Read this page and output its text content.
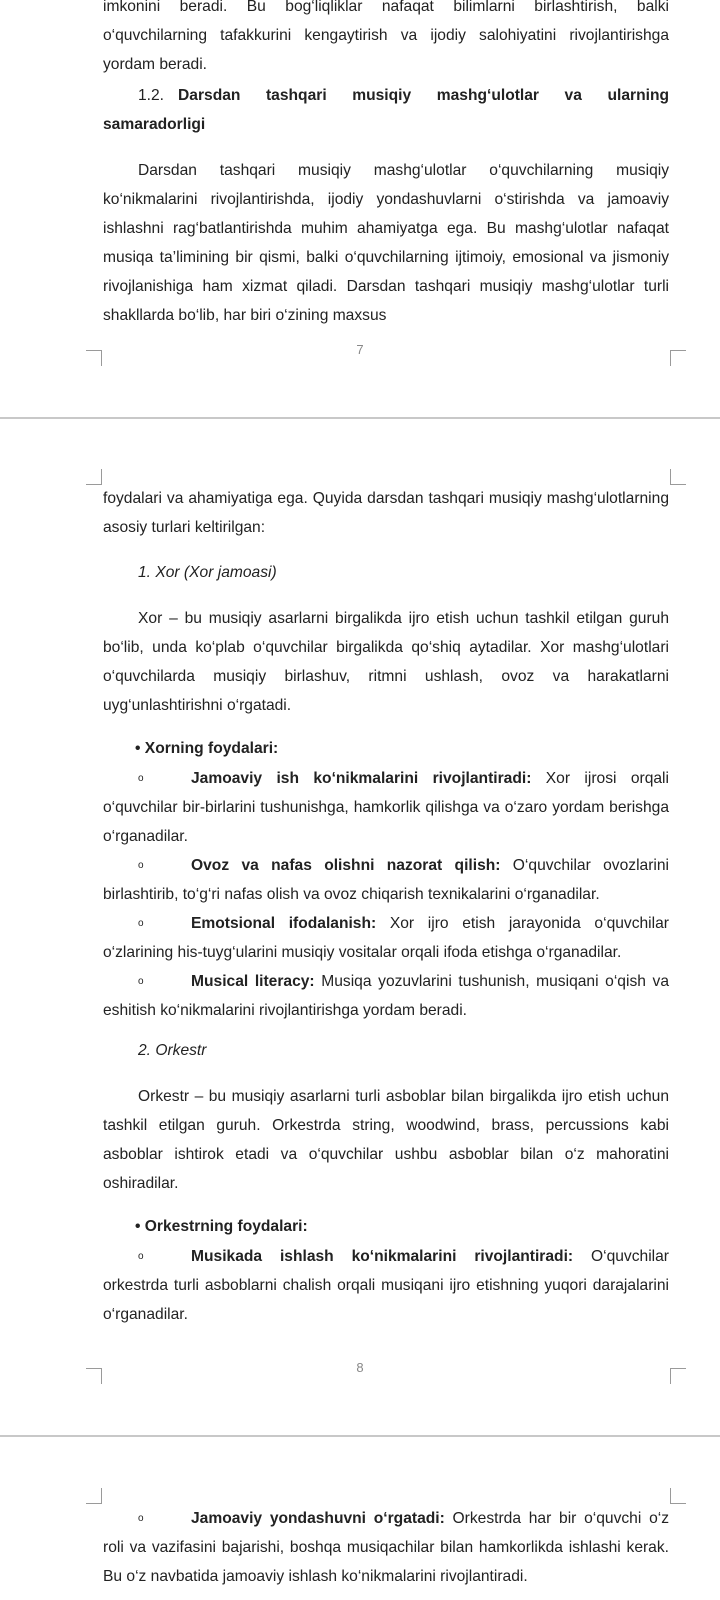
imkonini beradi. Bu bog‘liqliklar nafaqat bilimlarni birlashtirish, balki o‘quvchilarning tafakkurini kengaytirish va ijodiy salohiyatini rivojlantirishga yordam beradi.
1.2. Darsdan tashqari musiqiy mashg‘ulotlar va ularning samaradorligi
Darsdan tashqari musiqiy mashg‘ulotlar o‘quvchilarning musiqiy ko‘nikmalarini rivojlantirishda, ijodiy yondashuvlarni o‘stirishda va jamoaviy ishlashni rag‘batlantirishda muhim ahamiyatga ega. Bu mashg‘ulotlar nafaqat musiqa ta’limining bir qismi, balki o‘quvchilarning ijtimoiy, emosional va jismoniy rivojlanishiga ham xizmat qiladi. Darsdan tashqari musiqiy mashg‘ulotlar turli shakllarda bo‘lib, har biri o‘zining maxsus
7
foydalari va ahamiyatiga ega. Quyida darsdan tashqari musiqiy mashg‘ulotlarning asosiy turlari keltirilgan:
1. Xor (Xor jamoasi)
Xor – bu musiqiy asarlarni birgalikda ijro etish uchun tashkil etilgan guruh bo‘lib, unda ko‘plab o‘quvchilar birgalikda qo‘shiq aytadilar. Xor mashg‘ulotlari o‘quvchilarda musiqiy birlashuv, ritmni ushlash, ovoz va harakatlarni uyg‘unlashtirishni o‘rgatadi.
• Xorning foydalari:
o	Jamoaviy ish ko‘nikmalarini rivojlantiradi: Xor ijrosi orqali o‘quvchilar bir-birlarini tushunishga, hamkorlik qilishga va o‘zaro yordam berishga o‘rganadilar.
o	Ovoz va nafas olishni nazorat qilish: O‘quvchilar ovozlarini birlashtirib, to‘g‘ri nafas olish va ovoz chiqarish texnikalarini o‘rganadilar.
o	Emotsional ifodalanish: Xor ijro etish jarayonida o‘quvchilar o‘zlarining his-tuyg‘ularini musiqiy vositalar orqali ifoda etishga o‘rganadilar.
o	Musical literacy: Musiqa yozuvlarini tushunish, musiqani o‘qish va eshitish ko‘nikmalarini rivojlantirishga yordam beradi.
2. Orkestr
Orkestr – bu musiqiy asarlarni turli asboblar bilan birgalikda ijro etish uchun tashkil etilgan guruh. Orkestrda string, woodwind, brass, percussions kabi asboblar ishtirok etadi va o‘quvchilar ushbu asboblar bilan o‘z mahoratini oshiradilar.
• Orkestrning foydalari:
o	Musikada ishlash ko‘nikmalarini rivojlantiradi: O‘quvchilar orkestrda turli asboblarni chalish orqali musiqani ijro etishning yuqori darajalarini o‘rganadilar.
8
o	Jamoaviy yondashuvni o‘rgatadi: Orkestrda har bir o‘quvchi o‘z roli va vazifasini bajarishi, boshqa musiqachilar bilan hamkorlikda ishlashi kerak. Bu o‘z navbatida jamoaviy ishlash ko‘nikmalarini rivojlantiradi.
